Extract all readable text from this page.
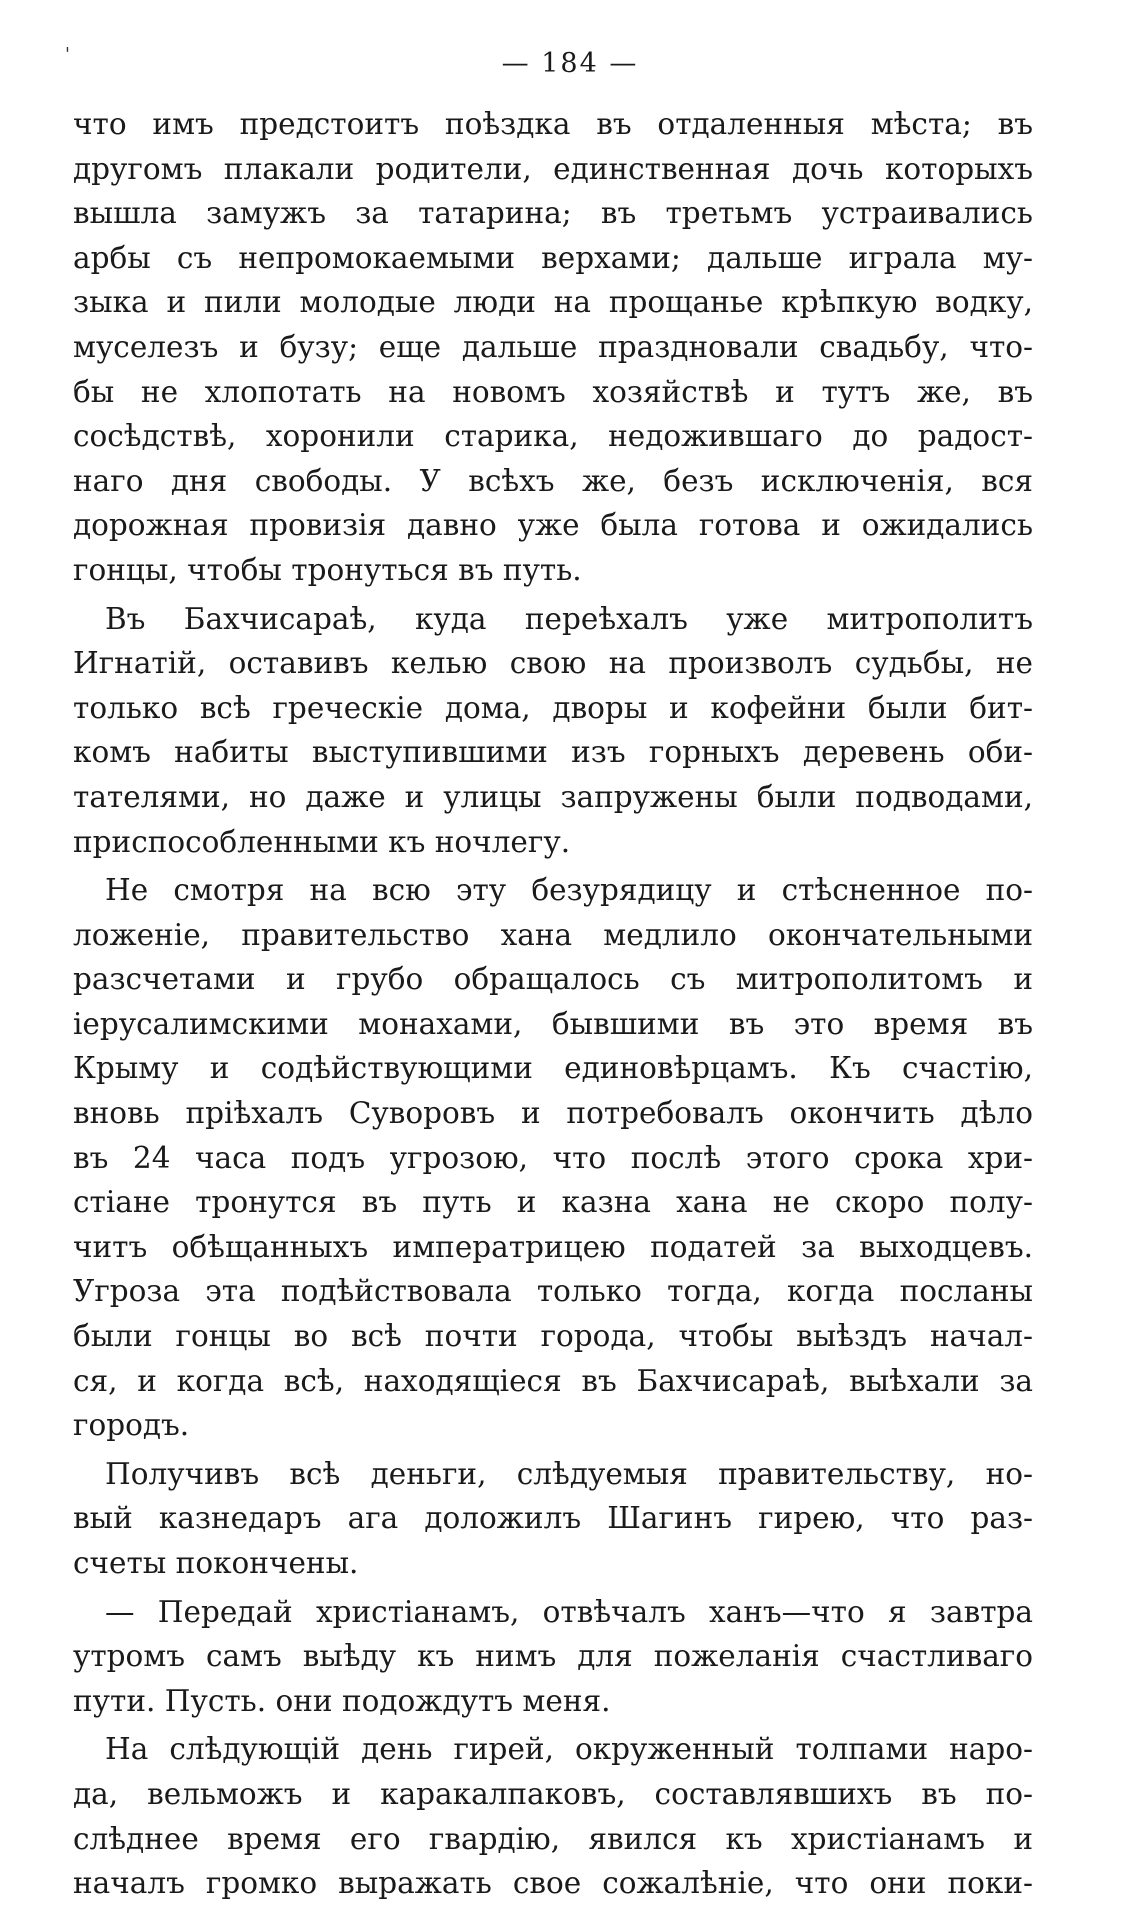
'	— 184 —
что имъ предстоитъ поѣздка въ отдаленныя мѣста; въ
другомъ плакали родители, единственная дочь которыхъ
вышла замужъ за татарина; въ третьмъ устраивались
арбы съ непромокаемыми верхами; дальше играла му-
зыка и пили молодые люди на прощанье крѣпкую водку,
муселезъ и бузу; еще дальше праздновали свадьбу, что-
бы не хлопотать на новомъ хозяйствѣ и тутъ же, въ
сосѣдствѣ, хоронили старика, недожившаго до радост-
наго дня свободы. У всѣхъ же, безъ исключенія, вся
дорожная провизія давно уже была готова и ожидались
гонцы, чтобы тронуться въ путь.
Въ Бахчисараѣ, куда переѣхалъ уже митрополитъ
Игнатій, оставивъ келью свою на произволъ судьбы, не
только всѣ греческіе дома, дворы и кофейни были бит-
комъ набиты выступившими изъ горныхъ деревень оби-
тателями, но даже и улицы запружены были подводами,
приспособленными къ ночлегу.
Не смотря на всю эту безурядицу и стѣсненное по-
ложеніе, правительство хана медлило окончательными
разсчетами и грубо обращалось съ митрополитомъ и
іерусалимскими монахами, бывшими въ это время въ
Крыму и содѣйствующими единовѣрцамъ. Къ счастію,
вновь пріѣхалъ Суворовъ и потребовалъ окончить дѣло
въ 24 часа подъ угрозою, что послѣ этого срока хри-
стіане тронутся въ путь и казна хана не скоро полу-
читъ обѣщанныхъ императрицею податей за выходцевъ.
Угроза эта подѣйствовала только тогда, когда посланы
были гонцы во всѣ почти города, чтобы выѣздъ начал-
ся, и когда всѣ, находящіеся въ Бахчисараѣ, выѣхали за
городъ.
Получивъ всѣ деньги, слѣдуемыя правительству, но-
вый казнедаръ ага доложилъ Шагинъ гирею, что раз-
счеты покончены.
— Передай христіанамъ, отвѣчалъ ханъ—что я завтра
утромъ самъ выѣду къ нимъ для пожеланія счастливаго
пути. Пусть. они подождутъ меня.
На слѣдующій день гирей, окруженный толпами наро-
да, вельможъ и каракалпаковъ, составлявшихъ въ по-
слѣднее время его гвардію, явился къ христіанамъ и
началъ громко выражать свое сожалѣніе, что они поки-
